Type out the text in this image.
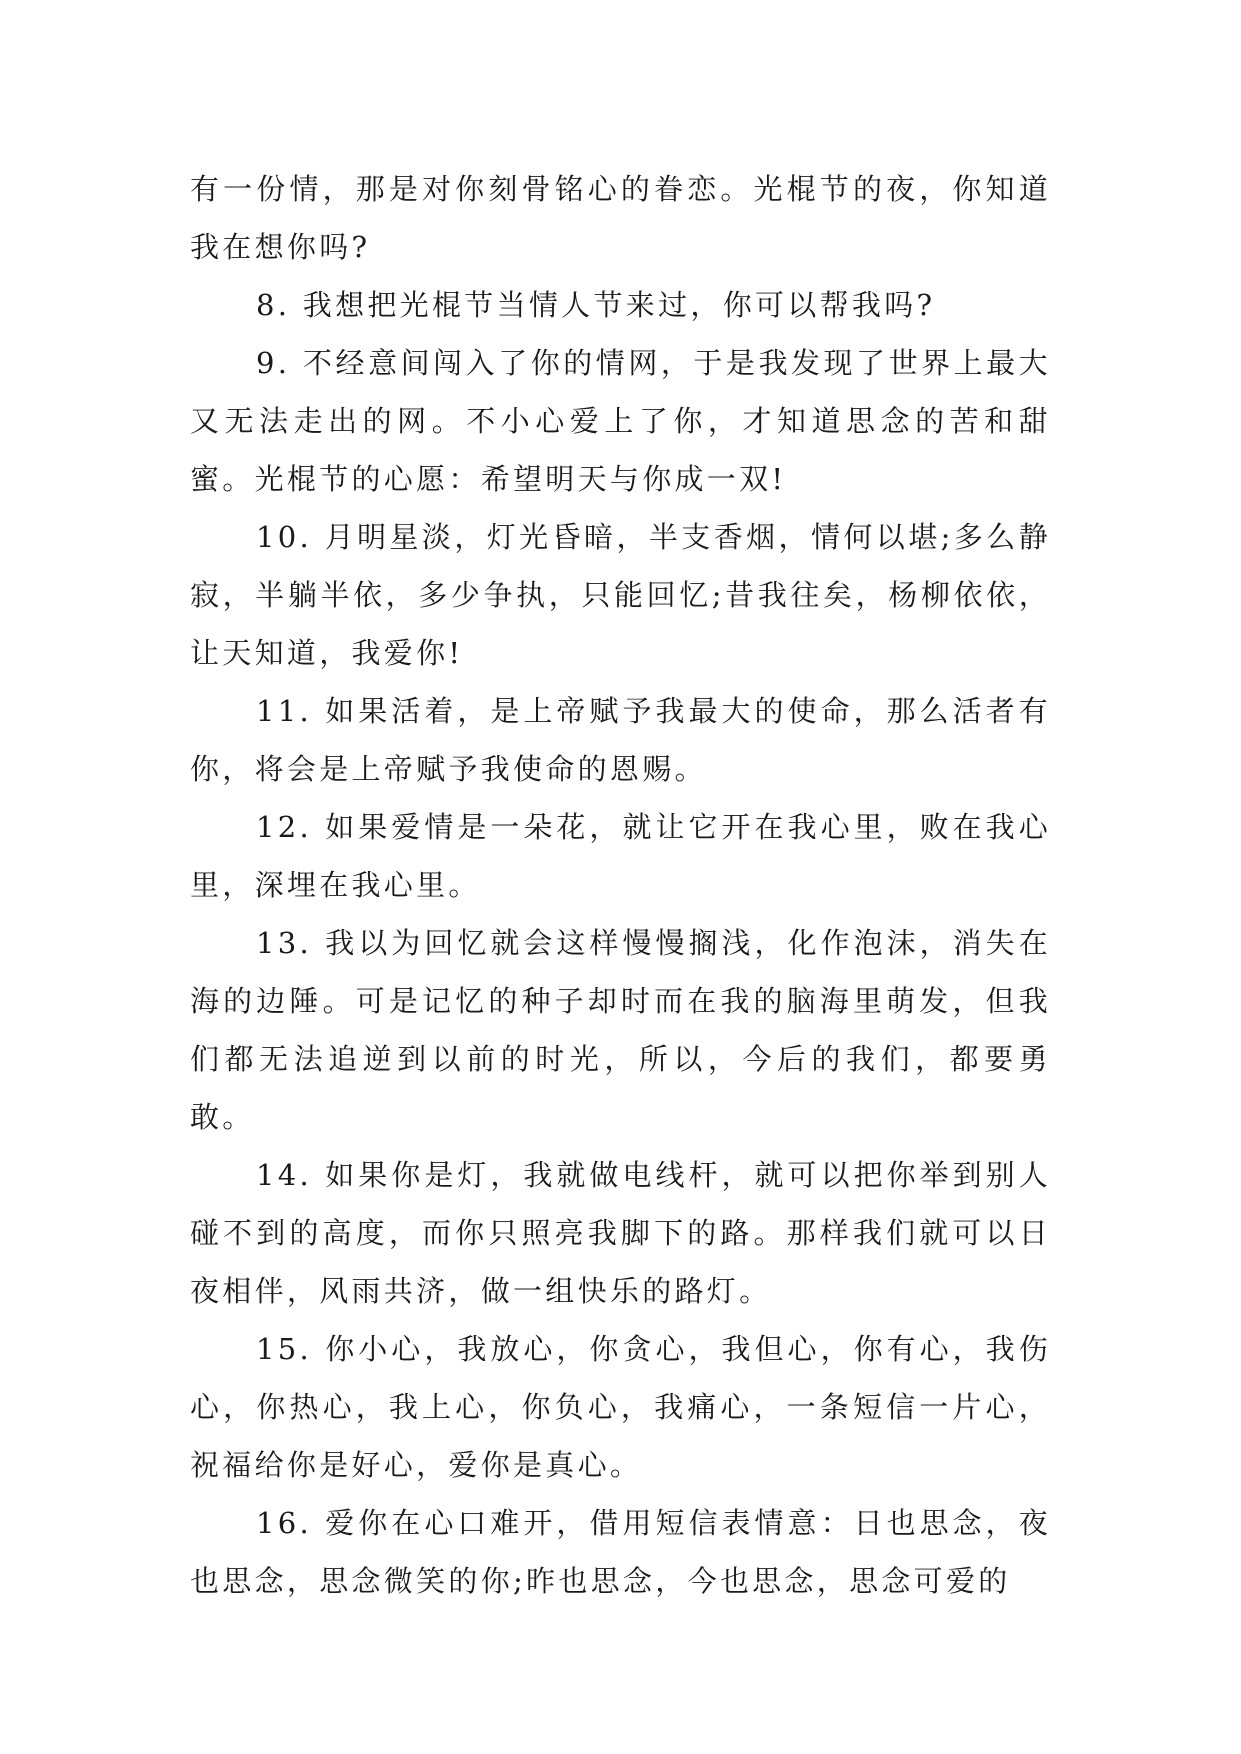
有一份情，那是对你刻骨铭心的眷恋。光棍节的夜，你知道我在想你吗?

8. 我想把光棍节当情人节来过，你可以帮我吗?

9. 不经意间闯入了你的情网，于是我发现了世界上最大又无法走出的网。不小心爱上了你，才知道思念的苦和甜蜜。光棍节的心愿：希望明天与你成一双!

10. 月明星淡，灯光昏暗，半支香烟，情何以堪;多么静寂，半躺半依，多少争执，只能回忆;昔我往矣，杨柳依依，让天知道，我爱你!

11. 如果活着，是上帝赋予我最大的使命，那么活者有你，将会是上帝赋予我使命的恩赐。

12. 如果爱情是一朵花，就让它开在我心里，败在我心里，深埋在我心里。

13. 我以为回忆就会这样慢慢搁浅，化作泡沫，消失在海的边陲。可是记忆的种子却时而在我的脑海里萌发，但我们都无法追逆到以前的时光，所以，今后的我们，都要勇敢。

14. 如果你是灯，我就做电线杆，就可以把你举到别人碰不到的高度，而你只照亮我脚下的路。那样我们就可以日夜相伴，风雨共济，做一组快乐的路灯。

15. 你小心，我放心，你贪心，我但心，你有心，我伤心，你热心，我上心，你负心，我痛心，一条短信一片心，祝福给你是好心，爱你是真心。

16. 爱你在心口难开，借用短信表情意：日也思念，夜也思念，思念微笑的你;昨也思念，今也思念，思念可爱的
